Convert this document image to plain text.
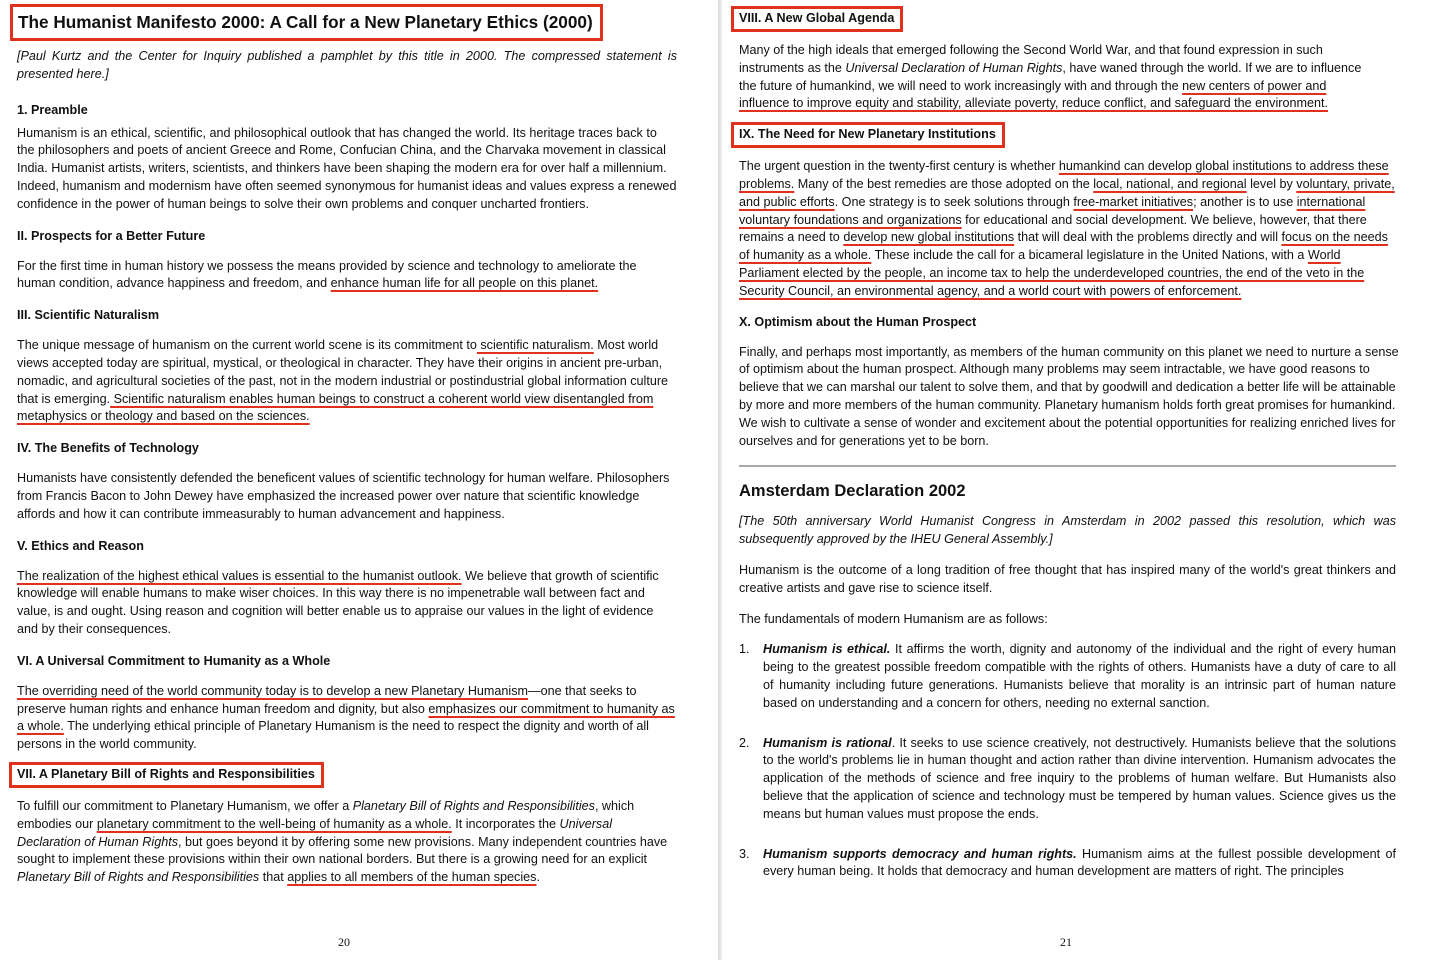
The Humanist Manifesto 2000: A Call for a New Planetary Ethics (2000)

[Paul Kurtz and the Center for Inquiry published a pamphlet by this title in 2000. The compressed statement is presented here.]

1. Preamble

Humanism is an ethical, scientific, and philosophical outlook that has changed the world. Its heritage traces back to the philosophers and poets of ancient Greece and Rome, Confucian China, and the Charvaka movement in classical India. Humanist artists, writers, scientists, and thinkers have been shaping the modern era for over half a millennium. Indeed, humanism and modernism have often seemed synonymous for humanist ideas and values express a renewed confidence in the power of human beings to solve their own problems and conquer uncharted frontiers.

II. Prospects for a Better Future

For the first time in human history we possess the means provided by science and technology to ameliorate the human condition, advance happiness and freedom, and enhance human life for all people on this planet.

III. Scientific Naturalism

The unique message of humanism on the current world scene is its commitment to scientific naturalism. Most world views accepted today are spiritual, mystical, or theological in character. They have their origins in ancient pre-urban, nomadic, and agricultural societies of the past, not in the modern industrial or postindustrial global information culture that is emerging. Scientific naturalism enables human beings to construct a coherent world view disentangled from metaphysics or theology and based on the sciences.

IV. The Benefits of Technology

Humanists have consistently defended the beneficent values of scientific technology for human welfare. Philosophers from Francis Bacon to John Dewey have emphasized the increased power over nature that scientific knowledge affords and how it can contribute immeasurably to human advancement and happiness.

V. Ethics and Reason

The realization of the highest ethical values is essential to the humanist outlook. We believe that growth of scientific knowledge will enable humans to make wiser choices. In this way there is no impenetrable wall between fact and value, is and ought. Using reason and cognition will better enable us to appraise our values in the light of evidence and by their consequences.

VI. A Universal Commitment to Humanity as a Whole

The overriding need of the world community today is to develop a new Planetary Humanism—one that seeks to preserve human rights and enhance human freedom and dignity, but also emphasizes our commitment to humanity as a whole. The underlying ethical principle of Planetary Humanism is the need to respect the dignity and worth of all persons in the world community.

VII. A Planetary Bill of Rights and Responsibilities

To fulfill our commitment to Planetary Humanism, we offer a Planetary Bill of Rights and Responsibilities, which embodies our planetary commitment to the well-being of humanity as a whole. It incorporates the Universal Declaration of Human Rights, but goes beyond it by offering some new provisions. Many independent countries have sought to implement these provisions within their own national borders. But there is a growing need for an explicit Planetary Bill of Rights and Responsibilities that applies to all members of the human species.

20
VIII. A New Global Agenda

Many of the high ideals that emerged following the Second World War, and that found expression in such instruments as the Universal Declaration of Human Rights, have waned through the world. If we are to influence the future of humankind, we will need to work increasingly with and through the new centers of power and influence to improve equity and stability, alleviate poverty, reduce conflict, and safeguard the environment.

IX. The Need for New Planetary Institutions

The urgent question in the twenty-first century is whether humankind can develop global institutions to address these problems. Many of the best remedies are those adopted on the local, national, and regional level by voluntary, private, and public efforts. One strategy is to seek solutions through free-market initiatives; another is to use international voluntary foundations and organizations for educational and social development. We believe, however, that there remains a need to develop new global institutions that will deal with the problems directly and will focus on the needs of humanity as a whole. These include the call for a bicameral legislature in the United Nations, with a World Parliament elected by the people, an income tax to help the underdeveloped countries, the end of the veto in the Security Council, an environmental agency, and a world court with powers of enforcement.

X. Optimism about the Human Prospect

Finally, and perhaps most importantly, as members of the human community on this planet we need to nurture a sense of optimism about the human prospect. Although many problems may seem intractable, we have good reasons to believe that we can marshal our talent to solve them, and that by goodwill and dedication a better life will be attainable by more and more members of the human community. Planetary humanism holds forth great promises for humankind. We wish to cultivate a sense of wonder and excitement about the potential opportunities for realizing enriched lives for ourselves and for generations yet to be born.

Amsterdam Declaration 2002

[The 50th anniversary World Humanist Congress in Amsterdam in 2002 passed this resolution, which was subsequently approved by the IHEU General Assembly.]

Humanism is the outcome of a long tradition of free thought that has inspired many of the world's great thinkers and creative artists and gave rise to science itself.

The fundamentals of modern Humanism are as follows:

1. Humanism is ethical. It affirms the worth, dignity and autonomy of the individual and the right of every human being to the greatest possible freedom compatible with the rights of others. Humanists have a duty of care to all of humanity including future generations. Humanists believe that morality is an intrinsic part of human nature based on understanding and a concern for others, needing no external sanction.
2. Humanism is rational. It seeks to use science creatively, not destructively. Humanists believe that the solutions to the world's problems lie in human thought and action rather than divine intervention. Humanism advocates the application of the methods of science and free inquiry to the problems of human welfare. But Humanists also believe that the application of science and technology must be tempered by human values. Science gives us the means but human values must propose the ends.
3. Humanism supports democracy and human rights. Humanism aims at the fullest possible development of every human being. It holds that democracy and human development are matters of right. The principles
21
